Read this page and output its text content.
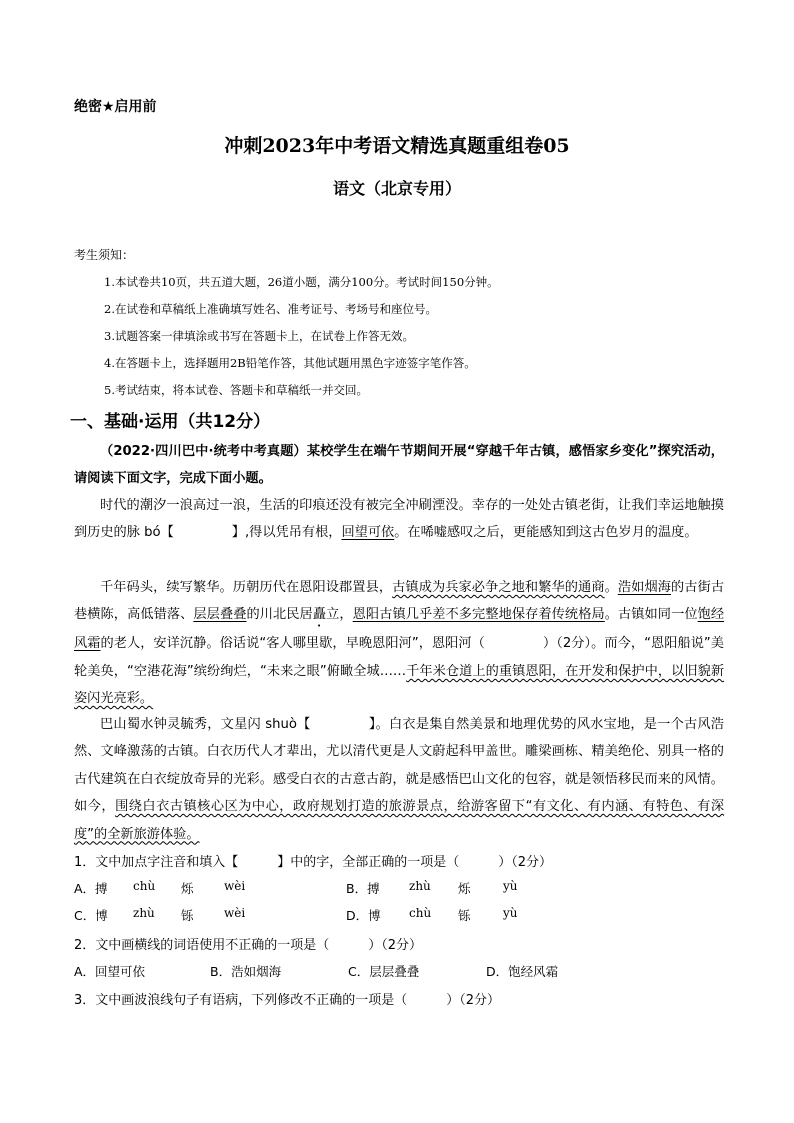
绝密★启用前
冲刺2023年中考语文精选真题重组卷05
语文（北京专用）
考生须知：
1.本试卷共10页，共五道大题，26道小题，满分100分。考试时间150分钟。
2.在试卷和草稿纸上准确填写姓名、准考证号、考场号和座位号。
3.试题答案一律填涂或书写在答题卡上，在试卷上作答无效。
4.在答题卡上，选择题用2B铅笔作答，其他试题用黑色字迹签字笔作答。
5.考试结束，将本试卷、答题卡和草稿纸一并交回。
一、基础·运用（共12分）
（2022·四川巴中·统考中考真题）某校学生在端午节期间开展“穿越千年古镇，感悟家乡变化”探究活动，请阅读下面文字，完成下面小题。
时代的潮汐一浪高过一浪，生活的印痕还没有被完全冲刷湮没。幸存的一处处古镇老街，让我们幸运地触摸到历史的脉 bó【	】,得以凭吊有根，回望可依。在唏嘘感叹之后，更能感知到这古色岁月的温度。
千年码头，续写繁华。历朝历代在恩阳设郡置县，古镇成为兵家必争之地和繁华的通商。浩如烟海的古街古巷横陈，高低错落、层层叠叠的川北民居矗立，恩阳古镇几乎差不多完整地保存着传统格局。古镇如同一位饱经风霜的老人，安详沉静。俗话说“客人哪里歇，早晚恩阳河”，恩阳河（	）（2分）。而今，“恩阳船说”美轮美奂，“空港花海”缤纷绚烂，“未来之眼”俯瞰全城……千年米仓道上的重镇恩阳，在开发和保护中，以旧貌新姿闪光亮彩。
巴山蜀水钟灵毓秀，文星闪 shuò【	】。白衣是集自然美景和地理优势的风水宝地，是一个古风浩然、文峰激荡的古镇。白衣历代人才辈出，尤以清代更是人文蔚起科甲盖世。雕梁画栋、精美绝伦、别具一格的古代建筑在白衣绽放奇异的光彩。感受白衣的古意古韵，就是感悟巴山文化的包容，就是领悟移民而来的风情。如今，围绕白衣古镇核心区为中心，政府规划打造的旅游景点，给游客留下“有文化、有内涵、有特色、有深度”的全新旅游体验。
1．文中加点字注音和填入【　　　】中的字，全部正确的一项是（　　　）（2分）
A．搏 chù 烁	wèi	B．搏 zhù 烁	yù
C．博 zhù 铄	wèi	D．博 chù 铄	yù
2．文中画横线的词语使用不正确的一项是（　　　）（2分）
A．回望可依	B．浩如烟海	C．层层叠叠	D．饱经风霜
3．文中画波浪线句子有语病，下列修改不正确的一项是（　　　）（2分）
